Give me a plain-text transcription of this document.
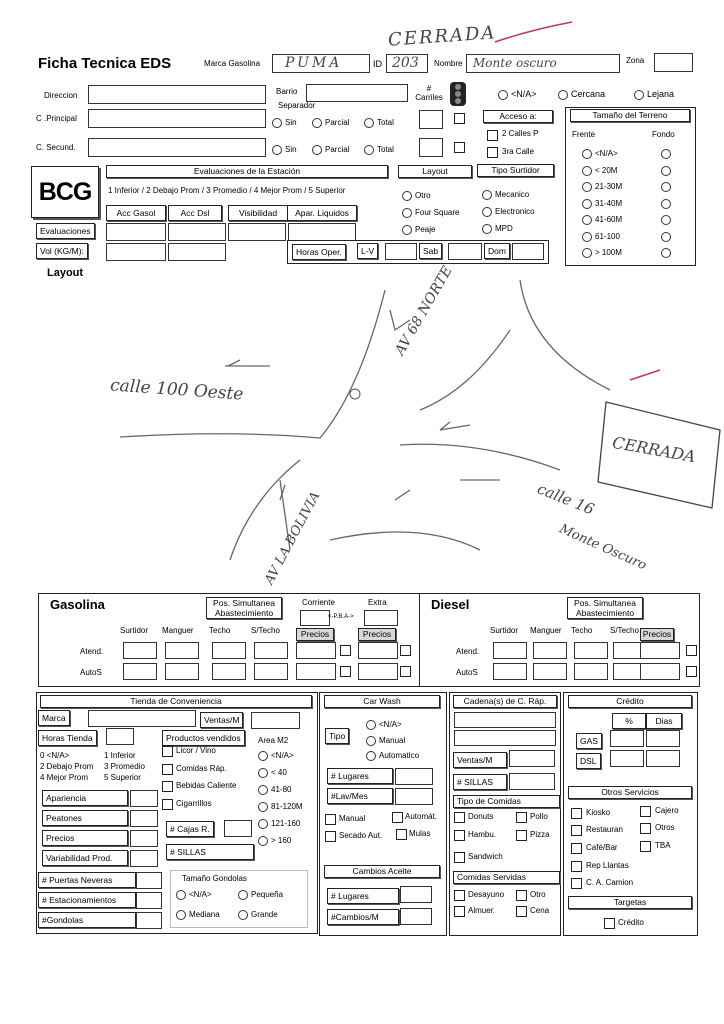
CERRADA
Ficha Tecnica EDS	Marca Gasolina PUMA	ID 203 Nombre Monte oscuro	Zona
Direccion	Barrio	# Carriles
Separador
<N/A>	Cercana	Lejana
C .Principal	Sin	Parcial	Total
C. Secund.	Sin	Parcial	Total
Acceso a:
2 Calles P
3ra Calle
Tamaño del Terreno
Frente	Fondo
<N/A>
< 20M
21-30M
31-40M
41-60M
61-100
> 100M
BCG
Evaluaciones de la Estación
1 Inferior / 2 Debajo Prom / 3 Promedio / 4 Mejor Prom / 5 Superior
Layout	Tipo Surtidor
Acc Gasol	Acc Dsl	Visibilidad	Apar. Liquidos
Evaluaciones
Vol (KG/M):
Otro
Four Square
Peaje
Mecanico
Electronico
MPD
Horas Oper.	L-V	Sab	Dom
Layout
calle 100 Oeste
AV 68 NORTE
CERRADA
AV LA BOLIVIA	calle 16
Monte Oscuro
Gasolina	Diesel
Pos. Simultanea Abastecimiento
Pos. Simultanea Abastecimiento
Corriente	Extra
<-P.B.A->
Surtidor Manguer Techo	S/Techo	Precios	Precios
Atend.
AutoS
Surtidor Manguer Techo S/Techo Precios
Atend.
AutoS
Tienda de Conveniencia
Marca	Ventas/M
Horas Tienda
0 <N/A>	1 Inferior
2 Debajo Prom 3 Promedio
4 Mejor Prom 5 Superior
Productos vendidos
Licor / Vino
Comidas Ráp.
Bebidas Caliente
Cigarrillos
Area M2
<N/A>
< 40
41-80
81-120M
121-160
> 160
Apariencia
Peatones
Precios
Variabilidad Prod.
# Cajas R.
# SILLAS
# Puertas Neveras
# Estacionamientos
#Gondolas
Tamaño Gondolas
<N/A>	Pequeña
Mediana	Grande
Car Wash
Tipo
<N/A>
Manual
Automatico
# Lugares
#Lav/Mes
Manual	Automát.
Secado Aut.	Mulas
Cambios Aceite
# Lugares
#Cambios/M
Cadena(s) de C. Ráp.
Ventas/M
# SILLAS
Tipo de Comidas
Donuts	Pollo
Hambu.	Pizza
Sandwich
Comidas Servidas
Desayuno	Otro
Almuer.	Cena
Crédito
%	Dias
GAS
DSL
Otros Servicios
Kiosko	Cajero
Restauran	Otros
Café/Bar	TBA
Rep Llantas
C. A. Camion
Targetas
Crédito
